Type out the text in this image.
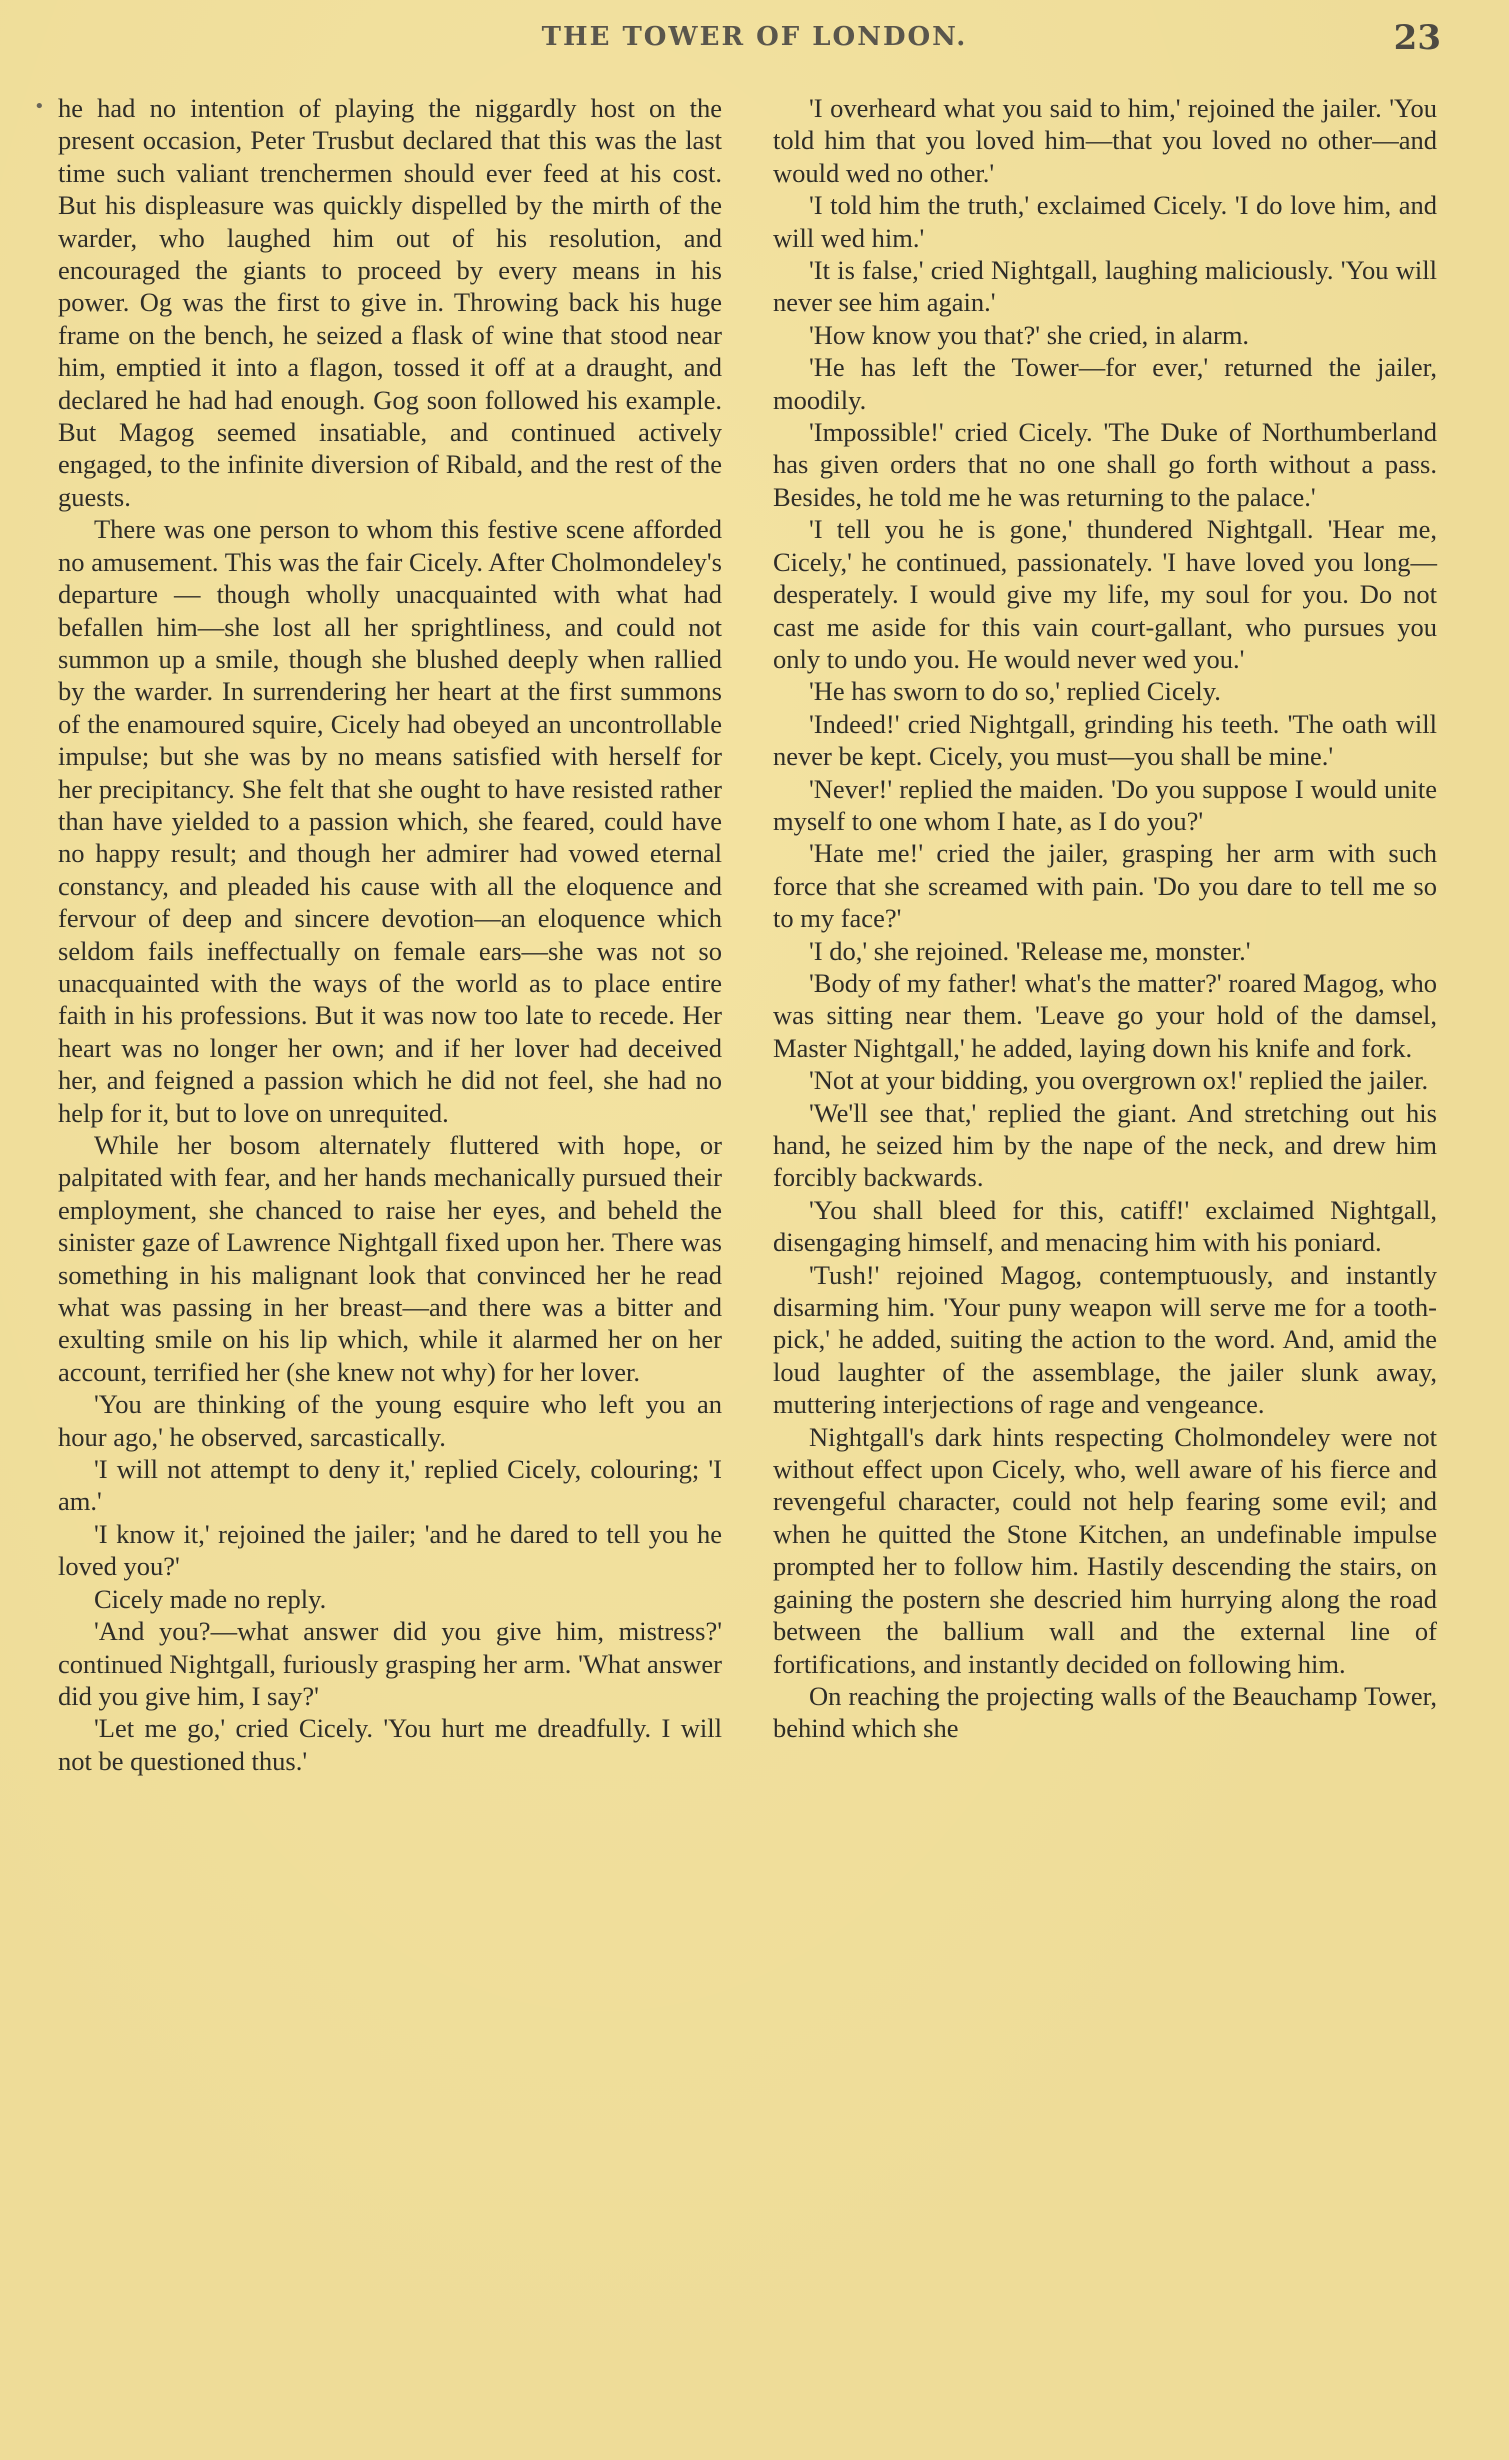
THE TOWER OF LONDON.	23
• he had no intention of playing the niggardly host on the present occasion, Peter Trusbut declared that this was the last time such valiant trenchermen should ever feed at his cost. But his displeasure was quickly dispelled by the mirth of the warder, who laughed him out of his resolution, and encouraged the giants to proceed by every means in his power. Og was the first to give in. Throwing back his huge frame on the bench, he seized a flask of wine that stood near him, emptied it into a flagon, tossed it off at a draught, and declared he had had enough. Gog soon followed his example. But Magog seemed insatiable, and continued actively engaged, to the infinite diversion of Ribald, and the rest of the guests.

There was one person to whom this festive scene afforded no amusement. This was the fair Cicely. After Cholmondeley's departure — though wholly unacquainted with what had befallen him—she lost all her sprightliness, and could not summon up a smile, though she blushed deeply when rallied by the warder. In surrendering her heart at the first summons of the enamoured squire, Cicely had obeyed an uncontrollable impulse; but she was by no means satisfied with herself for her precipitancy. She felt that she ought to have resisted rather than have yielded to a passion which, she feared, could have no happy result; and though her admirer had vowed eternal constancy, and pleaded his cause with all the eloquence and fervour of deep and sincere devotion—an eloquence which seldom fails ineffectually on female ears—she was not so unacquainted with the ways of the world as to place entire faith in his professions. But it was now too late to recede. Her heart was no longer her own; and if her lover had deceived her, and feigned a passion which he did not feel, she had no help for it, but to love on unrequited.

While her bosom alternately fluttered with hope, or palpitated with fear, and her hands mechanically pursued their employment, she chanced to raise her eyes, and beheld the sinister gaze of Lawrence Nightgall fixed upon her. There was something in his malignant look that convinced her he read what was passing in her breast—and there was a bitter and exulting smile on his lip which, while it alarmed her on her account, terrified her (she knew not why) for her lover.

'You are thinking of the young esquire who left you an hour ago,' he observed, sarcastically.

'I will not attempt to deny it,' replied Cicely, colouring; 'I am.'

'I know it,' rejoined the jailer; 'and he dared to tell you he loved you?'

Cicely made no reply.

'And you?—what answer did you give him, mistress?' continued Nightgall, furiously grasping her arm. 'What answer did you give him, I say?'

'Let me go,' cried Cicely. 'You hurt me dreadfully. I will not be questioned thus.'

'I overheard what you said to him,' rejoined the jailer. 'You told him that you loved him—that you loved no other—and would wed no other.'

'I told him the truth,' exclaimed Cicely. 'I do love him, and will wed him.'

'It is false,' cried Nightgall, laughing maliciously. 'You will never see him again.'

'How know you that?' she cried, in alarm.

'He has left the Tower—for ever,' returned the jailer, moodily.

'Impossible!' cried Cicely. 'The Duke of Northumberland has given orders that no one shall go forth without a pass. Besides, he told me he was returning to the palace.'

'I tell you he is gone,' thundered Nightgall. 'Hear me, Cicely,' he continued, passionately. 'I have loved you long—desperately. I would give my life, my soul for you. Do not cast me aside for this vain court-gallant, who pursues you only to undo you. He would never wed you.'

'He has sworn to do so,' replied Cicely.

'Indeed!' cried Nightgall, grinding his teeth. 'The oath will never be kept. Cicely, you must—you shall be mine.'

'Never!' replied the maiden. 'Do you suppose I would unite myself to one whom I hate, as I do you?'

'Hate me!' cried the jailer, grasping her arm with such force that she screamed with pain. 'Do you dare to tell me so to my face?'

'I do,' she rejoined. 'Release me, monster.'

'Body of my father! what's the matter?' roared Magog, who was sitting near them. 'Leave go your hold of the damsel, Master Nightgall,' he added, laying down his knife and fork.

'Not at your bidding, you overgrown ox!' replied the jailer.

'We'll see that,' replied the giant. And stretching out his hand, he seized him by the nape of the neck, and drew him forcibly backwards.

'You shall bleed for this, catiff!' exclaimed Nightgall, disengaging himself, and menacing him with his poniard.

'Tush!' rejoined Magog, contemptuously, and instantly disarming him. 'Your puny weapon will serve me for a tooth-pick,' he added, suiting the action to the word. And, amid the loud laughter of the assemblage, the jailer slunk away, muttering interjections of rage and vengeance.

Nightgall's dark hints respecting Cholmondeley were not without effect upon Cicely, who, well aware of his fierce and revengeful character, could not help fearing some evil; and when he quitted the Stone Kitchen, an undefinable impulse prompted her to follow him. Hastily descending the stairs, on gaining the postern she descried him hurrying along the road between the ballium wall and the external line of fortifications, and instantly decided on following him.

On reaching the projecting walls of the Beauchamp Tower, behind which she
